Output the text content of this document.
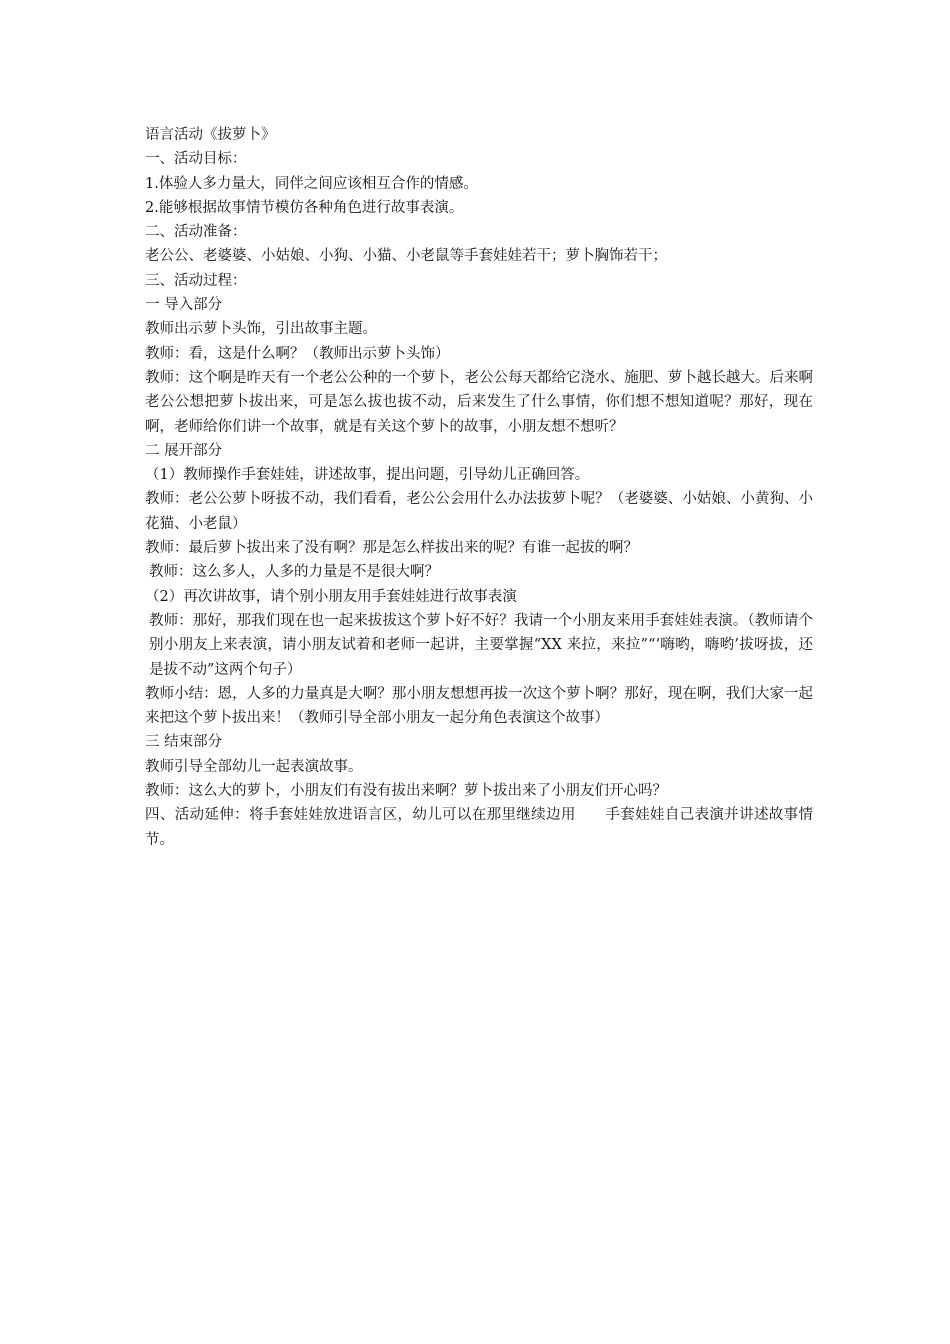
语言活动《拔萝卜》
一、活动目标：
1.体验人多力量大，同伴之间应该相互合作的情感。
2.能够根据故事情节模仿各种角色进行故事表演。
二、活动准备：
老公公、老婆婆、小姑娘、小狗、小猫、小老鼠等手套娃娃若干；萝卜胸饰若干；
三、活动过程：
一 导入部分
教师出示萝卜头饰，引出故事主题。
教师：看，这是什么啊？（教师出示萝卜头饰）
教师：这个啊是昨天有一个老公公种的一个萝卜，老公公每天都给它浇水、施肥、萝卜越长越大。后来啊老公公想把萝卜拔出来，可是怎么拔也拔不动，后来发生了什么事情，你们想不想知道呢？那好，现在啊，老师给你们讲一个故事，就是有关这个萝卜的故事，小朋友想不想听？
二 展开部分
（1）教师操作手套娃娃，讲述故事，提出问题，引导幼儿正确回答。
教师：老公公萝卜呀拔不动，我们看看，老公公会用什么办法拔萝卜呢？（老婆婆、小姑娘、小黄狗、小花猫、小老鼠）
教师：最后萝卜拔出来了没有啊？那是怎么样拔出来的呢？有谁一起拔的啊？
教师：这么多人，人多的力量是不是很大啊？
（2）再次讲故事，请个别小朋友用手套娃娃进行故事表演
教师：那好，那我们现在也一起来拔拔这个萝卜好不好？我请一个小朋友来用手套娃娃表演。（教师请个别小朋友上来表演，请小朋友试着和老师一起讲，主要掌握“XX 来拉，来拉”“‘嗨哟，嗨哟’拔呀拔，还是拔不动”这两个句子）
教师小结：恩，人多的力量真是大啊？那小朋友想想再拔一次这个萝卜啊？那好，现在啊，我们大家一起来把这个萝卜拔出来！（教师引导全部小朋友一起分角色表演这个故事）
三 结束部分
教师引导全部幼儿一起表演故事。
教师：这么大的萝卜，小朋友们有没有拔出来啊？萝卜拔出来了小朋友们开心吗？
四、活动延伸：将手套娃娃放进语言区，幼儿可以在那里继续边用　　手套娃娃自己表演并讲述故事情节。
